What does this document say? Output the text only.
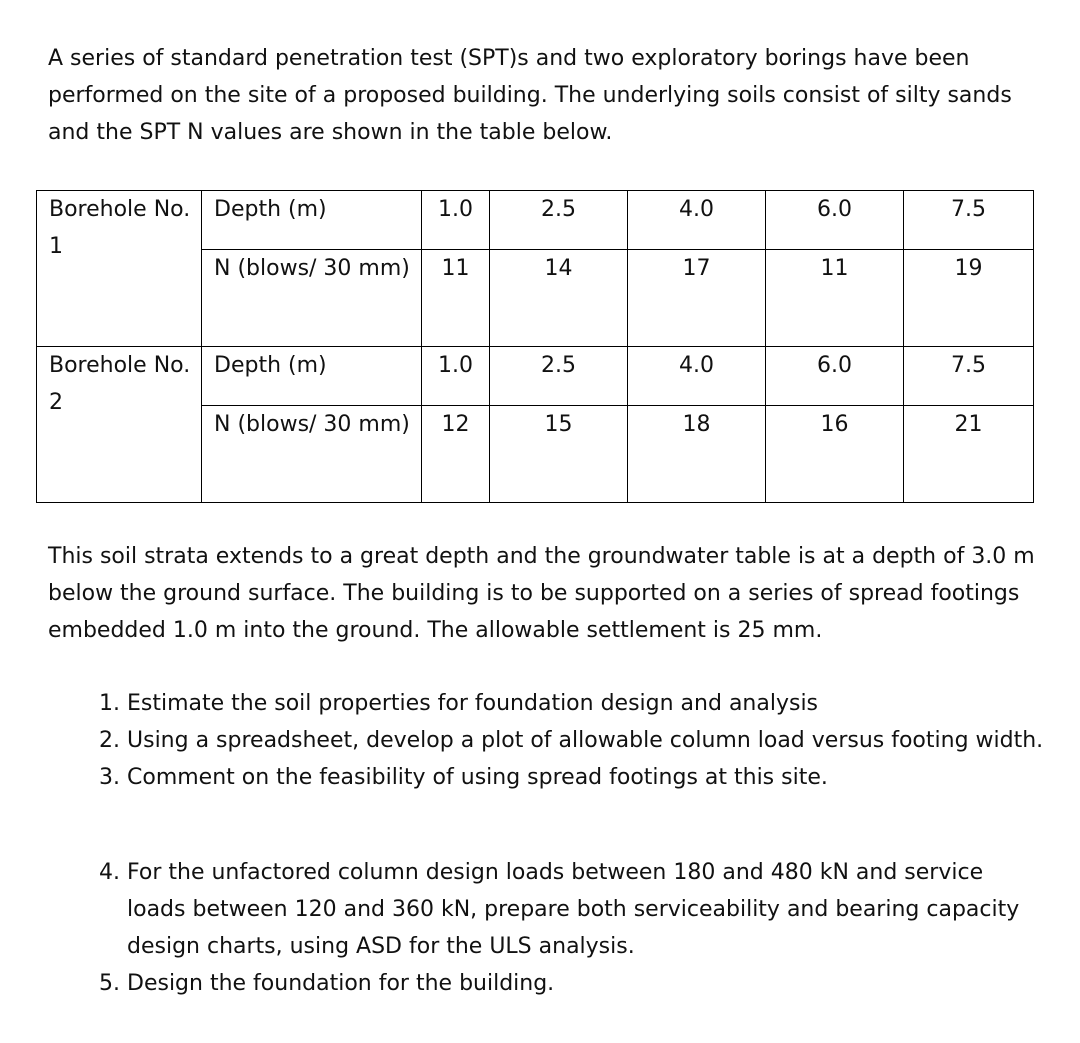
A series of standard penetration test (SPT)s and two exploratory borings have been performed on the site of a proposed building. The underlying soils consist of silty sands and the SPT N values are shown in the table below.

Borehole No. 1	Depth (m)	1.0	2.5	4.0	6.0	7.5
	N (blows/ 30 mm)	11	14	17	11	19
Borehole No. 2	Depth (m)	1.0	2.5	4.0	6.0	7.5
	N (blows/ 30 mm)	12	15	18	16	21

This soil strata extends to a great depth and the groundwater table is at a depth of 3.0 m below the ground surface. The building is to be supported on a series of spread footings embedded 1.0 m into the ground. The allowable settlement is 25 mm.

1. Estimate the soil properties for foundation design and analysis
2. Using a spreadsheet, develop a plot of allowable column load versus footing width.
3. Comment on the feasibility of using spread footings at this site.
4. For the unfactored column design loads between 180 and 480 kN and service loads between 120 and 360 kN, prepare both serviceability and bearing capacity design charts, using ASD for the ULS analysis.
5. Design the foundation for the building.
